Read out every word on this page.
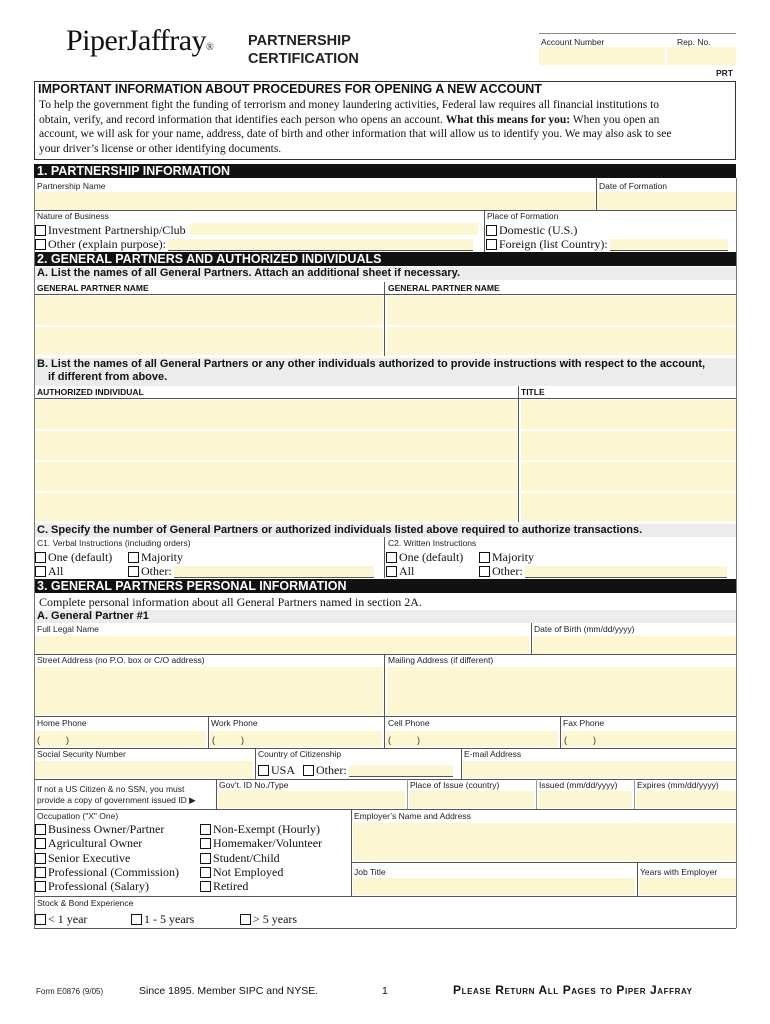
PiperJaffray® PARTNERSHIP
CERTIFICATION
Account Number	Rep. No.
PRT
IMPORTANT INFORMATION ABOUT PROCEDURES FOR OPENING A NEW ACCOUNT
To help the government fight the funding of terrorism and money laundering activities, Federal law requires all financial institutions to
obtain, verify, and record information that identifies each person who opens an account. What this means for you: When you open an
account, we will ask for your name, address, date of birth and other information that will allow us to identify you. We may also ask to see
your driver’s license or other identifying documents.
1. PARTNERSHIP INFORMATION
Partnership Name	Date of Formation
Nature of Business	Place of Formation
Investment Partnership/Club
Other (explain purpose):
Domestic (U.S.)
Foreign (list Country):
2. GENERAL PARTNERS AND AUTHORIZED INDIVIDUALS
A. List the names of all General Partners. Attach an additional sheet if necessary.
GENERAL PARTNER NAME	GENERAL PARTNER NAME
B. List the names of all General Partners or any other individuals authorized to provide instructions with respect to the account,
if different from above.
AUTHORIZED INDIVIDUAL	TITLE
C. Specify the number of General Partners or authorized individuals listed above required to authorize transactions.
C1. Verbal Instructions (including orders)	C2. Written Instructions
One (default) Majority
All	Other:
One (default) Majority
All	Other:
3. GENERAL PARTNERS PERSONAL INFORMATION
Complete personal information about all General Partners named in section 2A.
A. General Partner #1
Full Legal Name	Date of Birth (mm/dd/yyyy)
Street Address (no P.O. box or C/O address)	Mailing Address (if different)
Home Phone	Work Phone	Cell Phone	Fax Phone
(	)	(	)	(	)	(	)
Social Security Number	Country of Citizenship	E-mail Address
USA Other:
If not a US Citizen & no SSN, you must
provide a copy of government issued ID ▶
Gov’t. ID No./Type	Place of Issue (country)	Issued (mm/dd/yyyy) Expires (mm/dd/yyyy)
Occupation ("X" One)	Employer’s Name and Address
Job Title	Years with Employer
Business Owner/Partner
Agricultural Owner
Senior Executive
Professional (Commission)
Professional (Salary)
Non-Exempt (Hourly)
Homemaker/Volunteer
Student/Child
Not Employed
Retired
Stock & Bond Experience
< 1 year	1 - 5 years	> 5 years
Form E0876 (9/05)	Since 1895. Member SIPC and NYSE.	1	Please Return All Pages to Piper Jaffray
